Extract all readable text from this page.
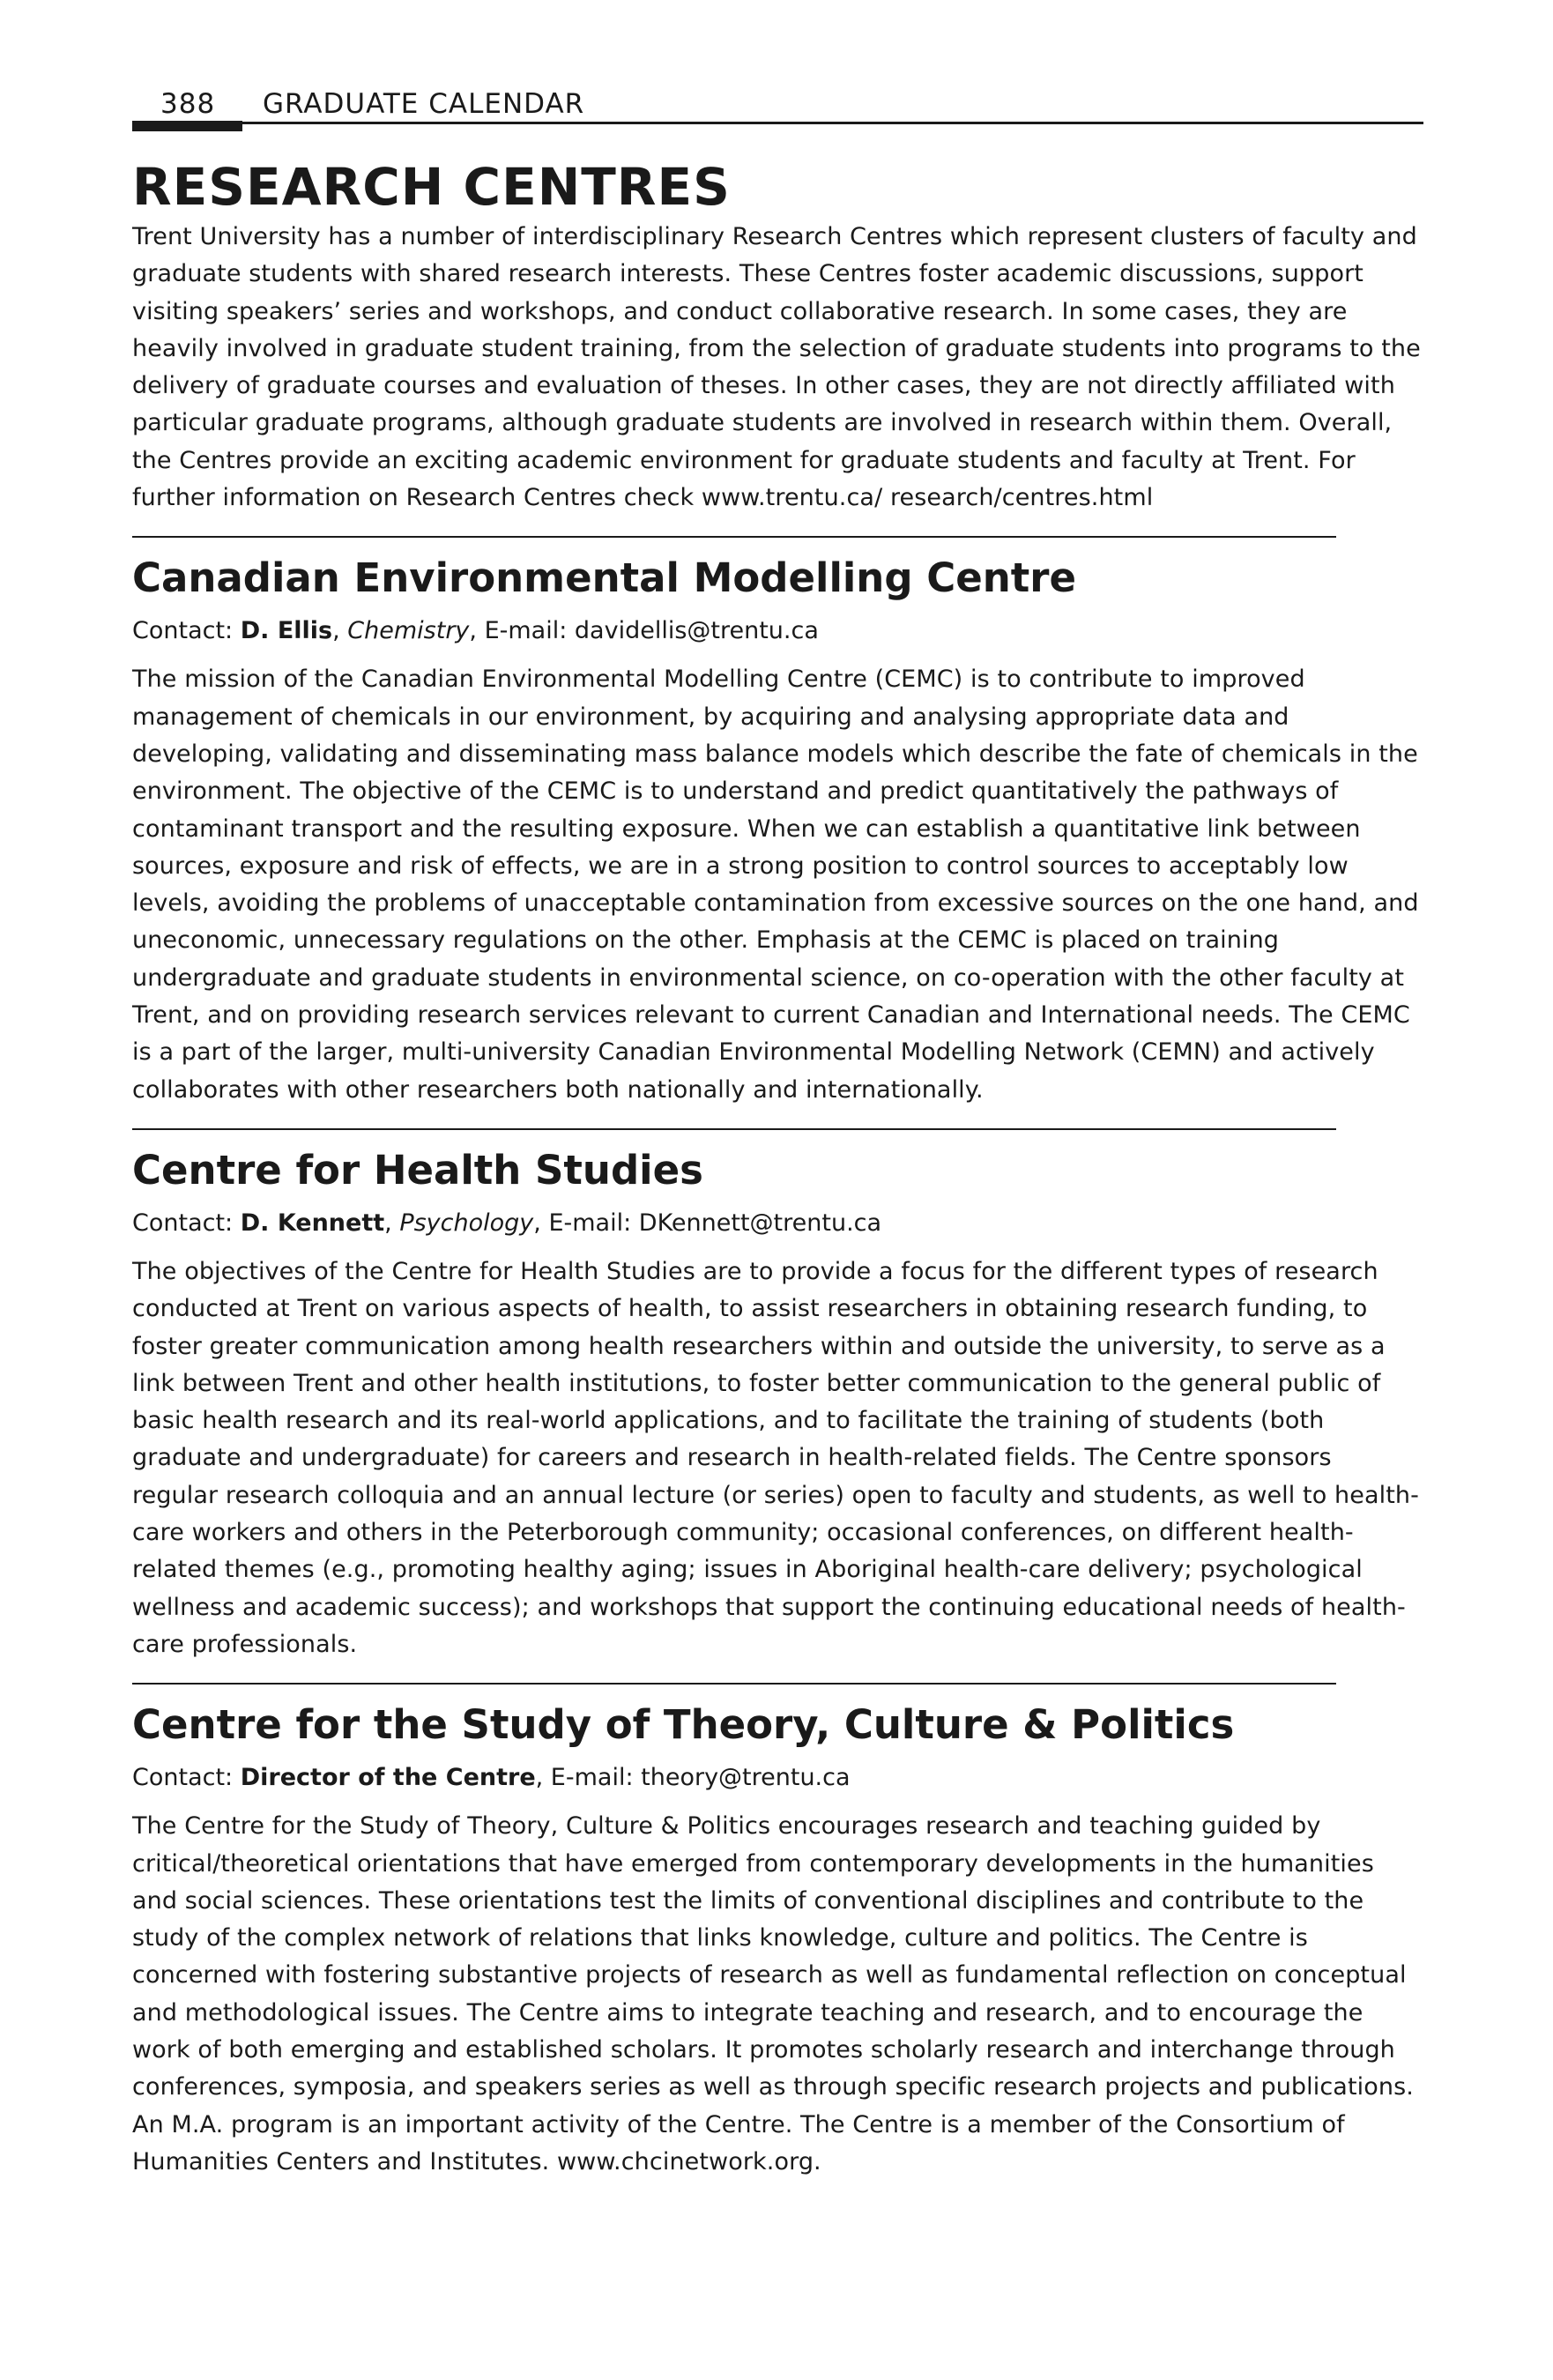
388 GRADUATE CALENDAR
RESEARCH CENTRES

Trent University has a number of interdisciplinary Research Centres which represent clusters of faculty and graduate students with shared research interests. These Centres foster academic discussions, support visiting speakers’ series and workshops, and conduct collaborative research. In some cases, they are heavily involved in graduate student training, from the selection of graduate students into programs to the delivery of graduate courses and evaluation of theses. In other cases, they are not directly affiliated with particular graduate programs, although graduate students are involved in research within them. Overall, the Centres provide an exciting academic environment for graduate students and faculty at Trent. For further information on Research Centres check www.trentu.ca/ research/centres.html

Canadian Environmental Modelling Centre

Contact: D. Ellis, Chemistry, E-mail: davidellis@trentu.ca

The mission of the Canadian Environmental Modelling Centre (CEMC) is to contribute to improved management of chemicals in our environment, by acquiring and analysing appropriate data and developing, validating and disseminating mass balance models which describe the fate of chemicals in the environment. The objective of the CEMC is to understand and predict quantitatively the pathways of contaminant transport and the resulting exposure. When we can establish a quantitative link between sources, exposure and risk of effects, we are in a strong position to control sources to acceptably low levels, avoiding the problems of unacceptable contamination from excessive sources on the one hand, and uneconomic, unnecessary regulations on the other. Emphasis at the CEMC is placed on training undergraduate and graduate students in environmental science, on co-operation with the other faculty at Trent, and on providing research services relevant to current Canadian and International needs. The CEMC is a part of the larger, multi-university Canadian Environmental Modelling Network (CEMN) and actively collaborates with other researchers both nationally and internationally.

Centre for Health Studies

Contact: D. Kennett, Psychology, E-mail: DKennett@trentu.ca

The objectives of the Centre for Health Studies are to provide a focus for the different types of research conducted at Trent on various aspects of health, to assist researchers in obtaining research funding, to foster greater communication among health researchers within and outside the university, to serve as a link between Trent and other health institutions, to foster better communication to the general public of basic health research and its real-world applications, and to facilitate the training of students (both graduate and undergraduate) for careers and research in health-related fields. The Centre sponsors regular research colloquia and an annual lecture (or series) open to faculty and students, as well to health-care workers and others in the Peterborough community; occasional conferences, on different health-related themes (e.g., promoting healthy aging; issues in Aboriginal health-care delivery; psychological wellness and academic success); and workshops that support the continuing educational needs of health-care professionals.

Centre for the Study of Theory, Culture & Politics

Contact: Director of the Centre, E-mail: theory@trentu.ca

The Centre for the Study of Theory, Culture & Politics encourages research and teaching guided by critical/theoretical orientations that have emerged from contemporary developments in the humanities and social sciences. These orientations test the limits of conventional disciplines and contribute to the study of the complex network of relations that links knowledge, culture and politics. The Centre is concerned with fostering substantive projects of research as well as fundamental reflection on conceptual and methodological issues. The Centre aims to integrate teaching and research, and to encourage the work of both emerging and established scholars. It promotes scholarly research and interchange through conferences, symposia, and speakers series as well as through specific research projects and publications. An M.A. program is an important activity of the Centre. The Centre is a member of the Consortium of Humanities Centers and Institutes. www.chcinetwork.org.
